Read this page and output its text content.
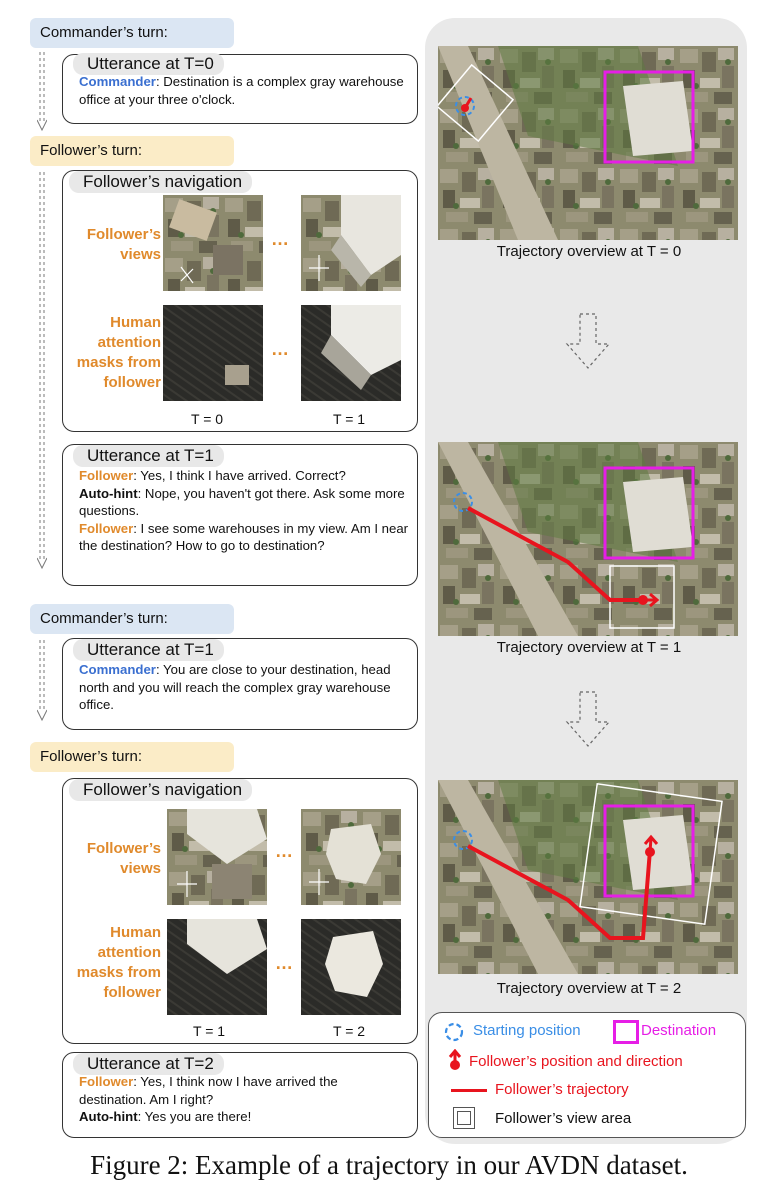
Commander’s turn:
Utterance at T=0
Commander: Destination is a complex gray warehouse office at your three o'clock.
Follower’s turn:
Follower’s navigation
Follower’s
views
Human
attention
masks from
follower
…
…
T = 0	T = 1
Utterance at T=1
Follower: Yes, I think I have arrived. Correct?
Auto-hint: Nope, you haven't got there. Ask some more questions.
Follower: I see some warehouses in my view. Am I near the destination? How to go to destination?
Commander’s turn:
Utterance at T=1
Commander: You are close to your destination, head north and you will reach the complex gray warehouse office.
Follower’s turn:
Follower’s navigation
Follower’s
views
Human
attention
masks from
follower
…
…
T = 1	T = 2
Utterance at T=2
Follower: Yes, I think now I have arrived the destination. Am I right?
Auto-hint: Yes you are there!
Trajectory overview at T = 0
Trajectory overview at T = 1
Trajectory overview at T = 2
Starting position	Destination
Follower’s position and direction
Follower’s trajectory
Follower’s view area
Figure 2: Example of a trajectory in our AVDN dataset.
